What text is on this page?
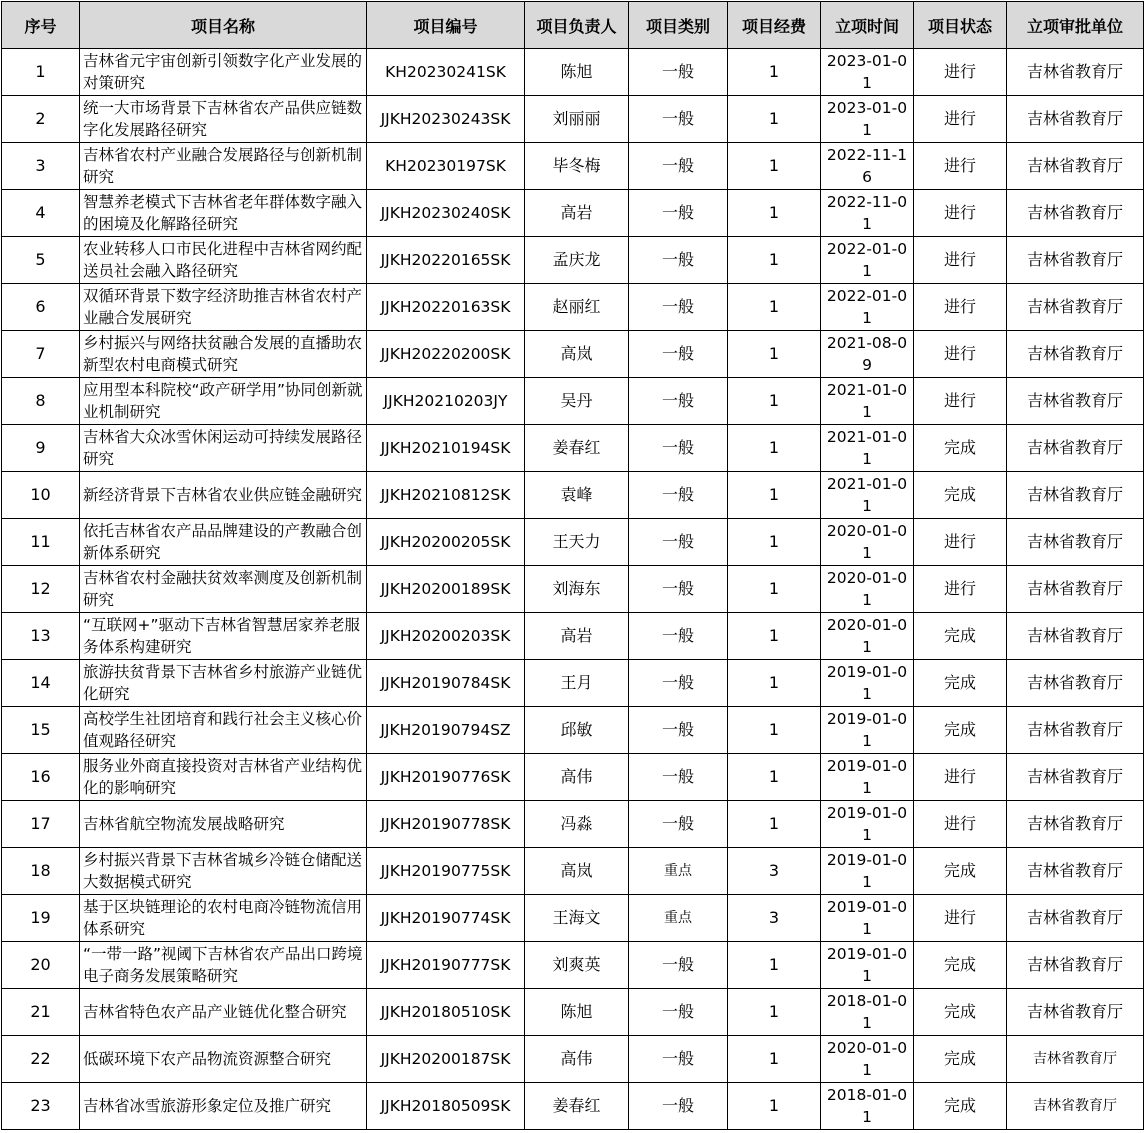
序号	项目名称	项目编号	项目负责人	项目类别	项目经费	立项时间	项目状态	立项审批单位
1	吉林省元宇宙创新引领数字化产业发展的对策研究	KH20230241SK	陈旭	一般	1	2023-01-01	进行	吉林省教育厅
2	统一大市场背景下吉林省农产品供应链数字化发展路径研究	JJKH20230243SK	刘丽丽	一般	1	2023-01-01	进行	吉林省教育厅
3	吉林省农村产业融合发展路径与创新机制研究	KH20230197SK	毕冬梅	一般	1	2022-11-16	进行	吉林省教育厅
4	智慧养老模式下吉林省老年群体数字融入的困境及化解路径研究	JJKH20230240SK	高岩	一般	1	2022-11-01	进行	吉林省教育厅
5	农业转移人口市民化进程中吉林省网约配送员社会融入路径研究	JJKH20220165SK	孟庆龙	一般	1	2022-01-01	进行	吉林省教育厅
6	双循环背景下数字经济助推吉林省农村产业融合发展研究	JJKH20220163SK	赵丽红	一般	1	2022-01-01	进行	吉林省教育厅
7	乡村振兴与网络扶贫融合发展的直播助农新型农村电商模式研究	JJKH20220200SK	高岚	一般	1	2021-08-09	进行	吉林省教育厅
8	应用型本科院校“政产研学用”协同创新就业机制研究	JJKH20210203JY	吴丹	一般	1	2021-01-01	进行	吉林省教育厅
9	吉林省大众冰雪休闲运动可持续发展路径研究	JJKH20210194SK	姜春红	一般	1	2021-01-01	完成	吉林省教育厅
10	新经济背景下吉林省农业供应链金融研究	JJKH20210812SK	袁峰	一般	1	2021-01-01	完成	吉林省教育厅
11	依托吉林省农产品品牌建设的产教融合创新体系研究	JJKH20200205SK	王天力	一般	1	2020-01-01	进行	吉林省教育厅
12	吉林省农村金融扶贫效率测度及创新机制研究	JJKH20200189SK	刘海东	一般	1	2020-01-01	进行	吉林省教育厅
13	“互联网+”驱动下吉林省智慧居家养老服务体系构建研究	JJKH20200203SK	高岩	一般	1	2020-01-01	完成	吉林省教育厅
14	旅游扶贫背景下吉林省乡村旅游产业链优化研究	JJKH20190784SK	王月	一般	1	2019-01-01	完成	吉林省教育厅
15	高校学生社团培育和践行社会主义核心价值观路径研究	JJKH20190794SZ	邱敏	一般	1	2019-01-01	完成	吉林省教育厅
16	服务业外商直接投资对吉林省产业结构优化的影响研究	JJKH20190776SK	高伟	一般	1	2019-01-01	进行	吉林省教育厅
17	吉林省航空物流发展战略研究	JJKH20190778SK	冯淼	一般	1	2019-01-01	进行	吉林省教育厅
18	乡村振兴背景下吉林省城乡冷链仓储配送大数据模式研究	JJKH20190775SK	高岚	重点	3	2019-01-01	完成	吉林省教育厅
19	基于区块链理论的农村电商冷链物流信用体系研究	JJKH20190774SK	王海文	重点	3	2019-01-01	进行	吉林省教育厅
20	“一带一路”视阈下吉林省农产品出口跨境电子商务发展策略研究	JJKH20190777SK	刘爽英	一般	1	2019-01-01	完成	吉林省教育厅
21	吉林省特色农产品产业链优化整合研究	JJKH20180510SK	陈旭	一般	1	2018-01-01	完成	吉林省教育厅
22	低碳环境下农产品物流资源整合研究	JJKH20200187SK	高伟	一般	1	2020-01-01	完成	吉林省教育厅
23	吉林省冰雪旅游形象定位及推广研究	JJKH20180509SK	姜春红	一般	1	2018-01-01	完成	吉林省教育厅
